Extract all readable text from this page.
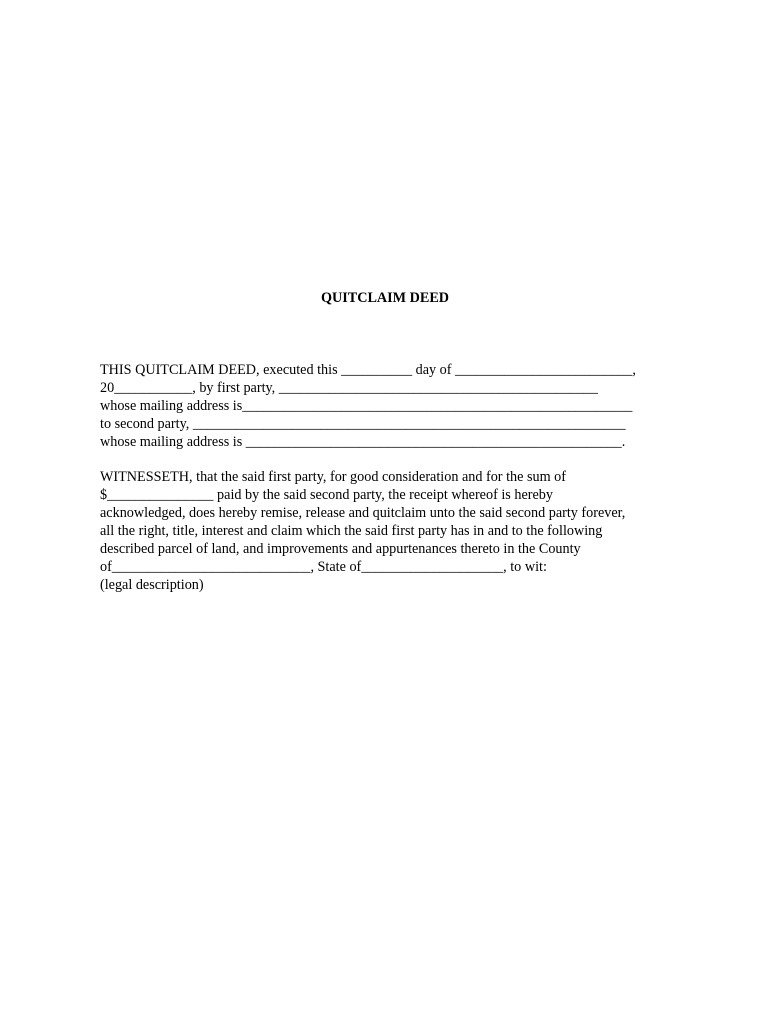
QUITCLAIM DEED
THIS QUITCLAIM DEED, executed this __________ day of _________________________,
20___________, by first party, _____________________________________________
whose mailing address is_______________________________________________________
to second party, _____________________________________________________________
whose mailing address is _____________________________________________________.
WITNESSETH, that the said first party, for good consideration and for the sum of
$_______________ paid by the said second party, the receipt whereof is hereby
acknowledged, does hereby remise, release and quitclaim unto the said second party forever,
all the right, title, interest and claim which the said first party has in and to the following
described parcel of land, and improvements and appurtenances thereto in the County
of____________________________, State of____________________, to wit:
(legal description)
